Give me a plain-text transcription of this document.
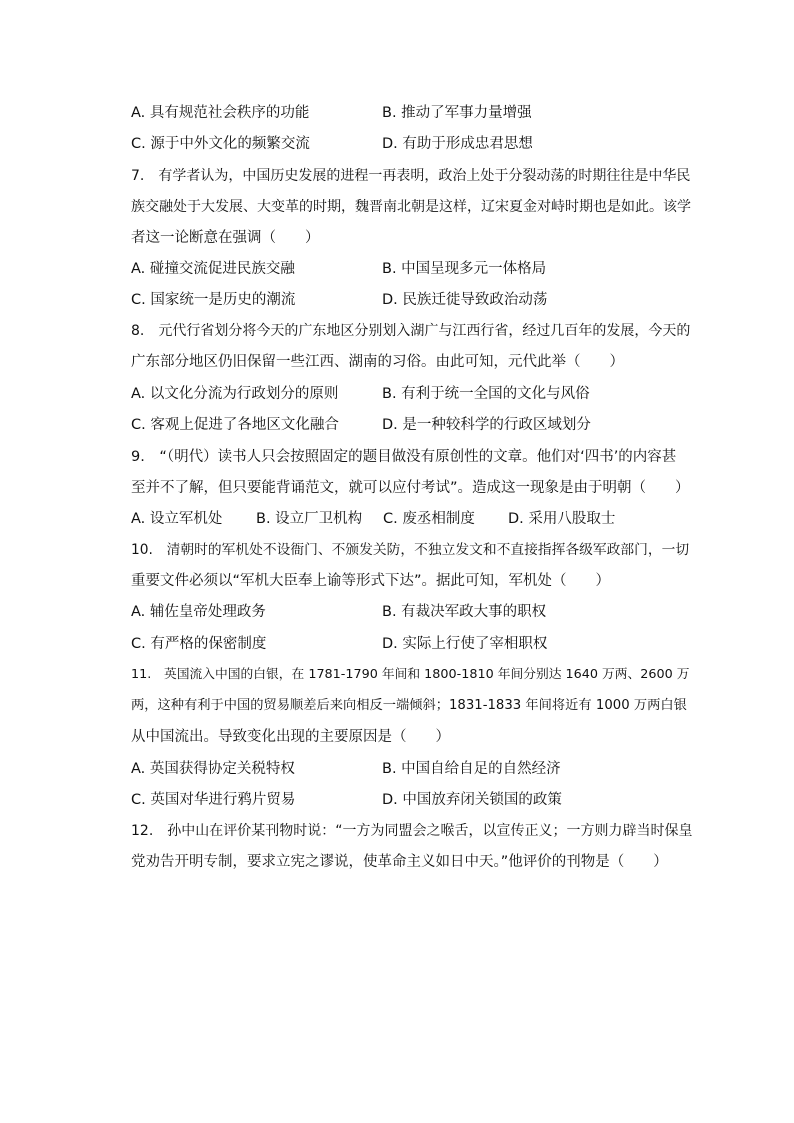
A. 具有规范社会秩序的功能	B. 推动了军事力量增强
C. 源于中外文化的频繁交流	D. 有助于形成忠君思想
7.　有学者认为，中国历史发展的进程一再表明，政治上处于分裂动荡的时期往往是中华民
族交融处于大发展、大变革的时期，魏晋南北朝是这样，辽宋夏金对峙时期也是如此。该学
者这一论断意在强调（　　）
A. 碰撞交流促进民族交融	B. 中国呈现多元一体格局
C. 国家统一是历史的潮流	D. 民族迁徙导致政治动荡
8.　元代行省划分将今天的广东地区分别划入湖广与江西行省，经过几百年的发展，今天的
广东部分地区仍旧保留一些江西、湖南的习俗。由此可知，元代此举（　　）
A. 以文化分流为行政划分的原则	B. 有利于统一全国的文化与风俗
C. 客观上促进了各地区文化融合	D. 是一种较科学的行政区域划分
9.　“（明代）读书人只会按照固定的题目做没有原创性的文章。他们对‘四书’的内容甚
至并不了解，但只要能背诵范文，就可以应付考试”。造成这一现象是由于明朝（　　）
A. 设立军机处 B. 设立厂卫机构 C. 废丞相制度 D. 采用八股取士
10.　清朝时的军机处不设衙门、不颁发关防，不独立发文和不直接指挥各级军政部门，一切
重要文件必须以“军机大臣奉上谕等形式下达”。据此可知，军机处（　　）
A. 辅佐皇帝处理政务	B. 有裁决军政大事的职权
C. 有严格的保密制度	D. 实际上行使了宰相职权
11.　英国流入中国的白银，在 1781-1790 年间和 1800-1810 年间分别达 1640 万两、2600 万
两，这种有利于中国的贸易顺差后来向相反一端倾斜；1831-1833 年间将近有 1000 万两白银
从中国流出。导致变化出现的主要原因是（　　）
A. 英国获得协定关税特权	B. 中国自给自足的自然经济
C. 英国对华进行鸦片贸易	D. 中国放弃闭关锁国的政策
12.　孙中山在评价某刊物时说：“一方为同盟会之喉舌，以宣传正义；一方则力辟当时保皇
党劝告开明专制，要求立宪之谬说，使革命主义如日中天。”他评价的刊物是（　　）
